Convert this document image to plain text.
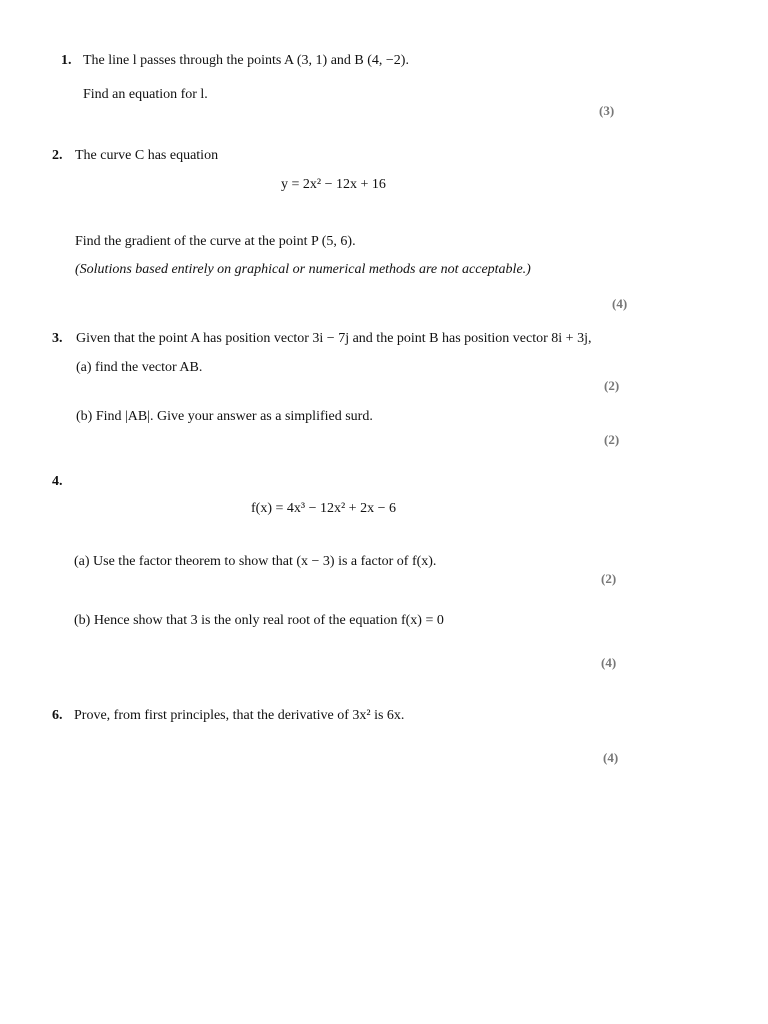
1. The line l passes through the points A (3, 1) and B (4, −2).
Find an equation for l.
(3)
2. The curve C has equation
y = 2x² − 12x + 16
Find the gradient of the curve at the point P (5, 6).
(Solutions based entirely on graphical or numerical methods are not acceptable.)
(4)
3. Given that the point A has position vector 3i − 7j and the point B has position vector 8i + 3j,
(a) find the vector AB.
(2)
(b) Find |AB|. Give your answer as a simplified surd.
(2)
4.
f(x) = 4x³ − 12x² + 2x − 6
(a) Use the factor theorem to show that (x − 3) is a factor of f(x).
(2)
(b) Hence show that 3 is the only real root of the equation f(x) = 0
(4)
6. Prove, from first principles, that the derivative of 3x² is 6x.
(4)
